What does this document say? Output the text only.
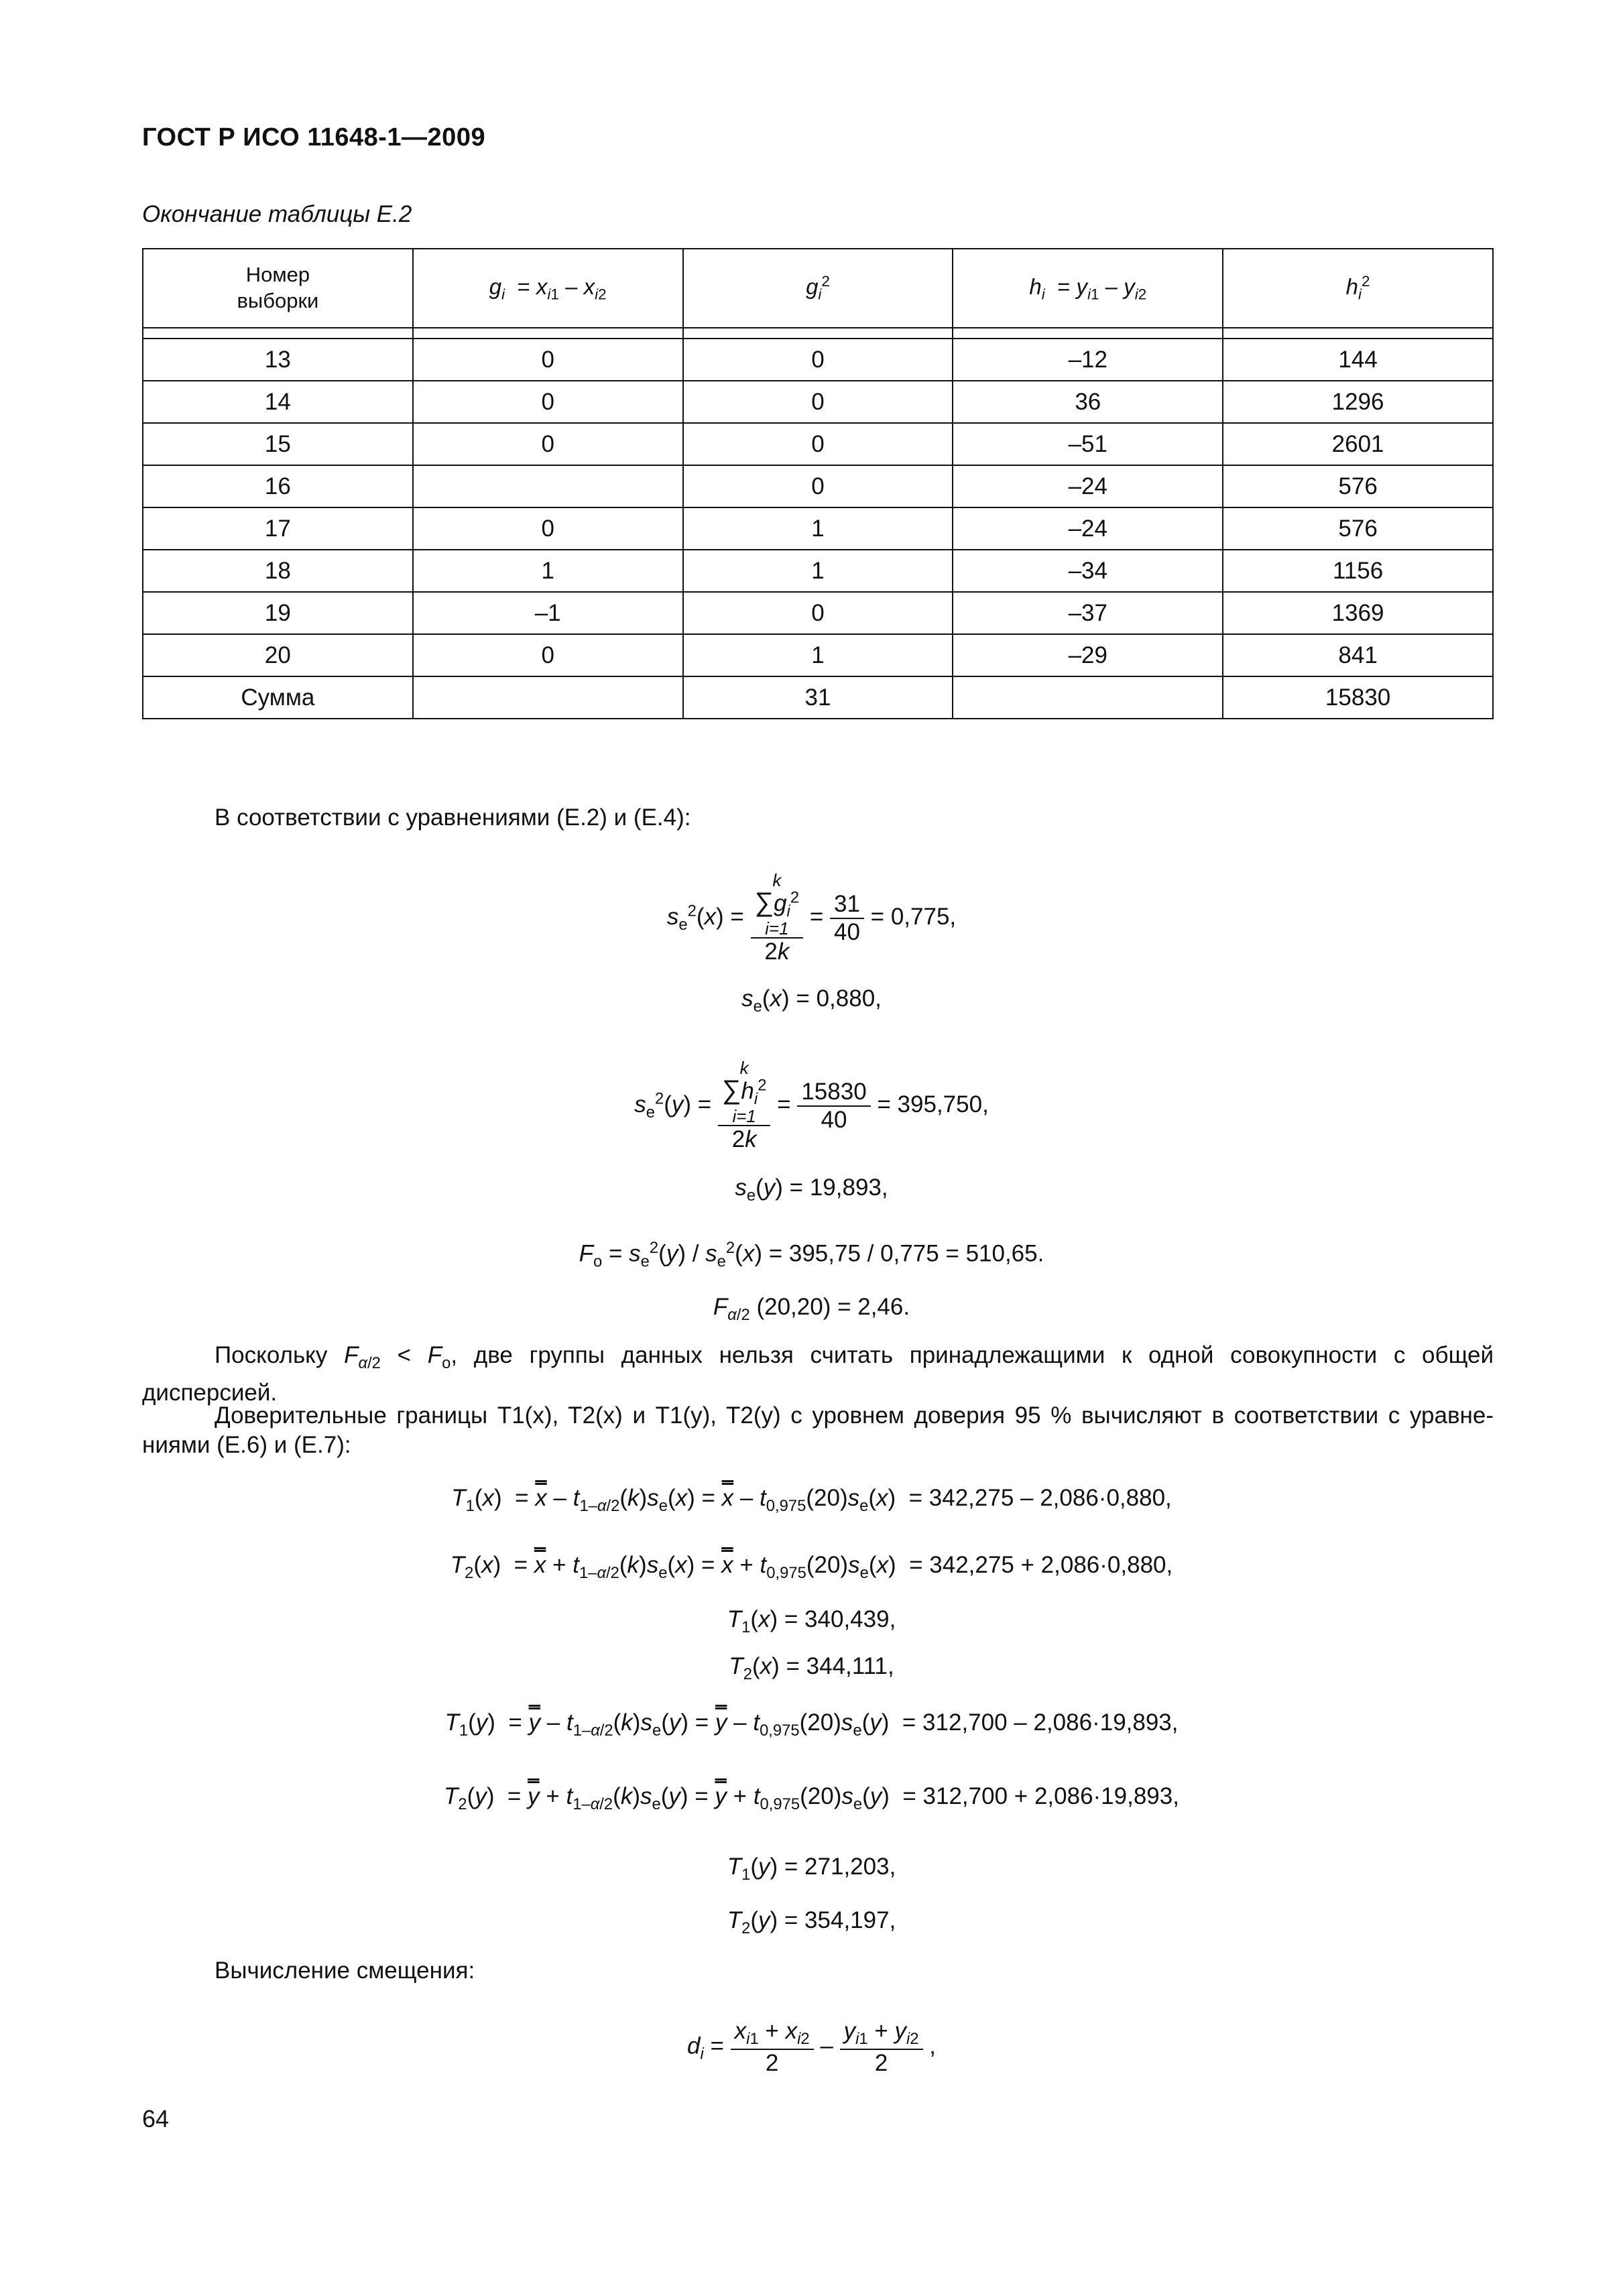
ГОСТ Р ИСО 11648-1—2009
Окончание таблицы E.2
Номер
выборки	$g_i = x_{i1} - x_{i2}$	$g_i^2$	$h_i = y_{i1} - y_{i2}$	$h_i^2$

13	0	0	–12	144
14	0	0	36	1296
15	0	0	–51	2601
16		0	–24	576
17	0	1	–24	576
18	1	1	–34	1156
19	–1	0	–37	1369
20	0	1	–29	841
Сумма		31		15830
В соответствии с уравнениями (E.2) и (E.4):
$s_e^2(x) = k$
$\sum g_i^2$
i=1
$2k = \frac{31}{40} = 0,775$,
$s_e(x) = 0,880$,
$s_e^2(y) = k$
$\sum h_i^2$
i=1
$2k = \frac{15830}{40} = 395,750$,
$s_e(y) = 19,893$,
$F_o = s_e^2(y) / s_e^2(x) = 395,75 / 0,775 = 510,65$.
$F_{\alpha/2}$ (20,20) = 2,46.
Поскольку $F_{\alpha/2} < F_o$, две группы данных нельзя считать принадлежащими к одной совокупности с общей дисперсией.
Доверительные границы T1(x), T2(x) и T1(y), T2(y) с уровнем доверия 95 % вычисляют в соответствии с уравне-ниями (E.6) и (E.7):
$T_1(x) = x - t_{1-\alpha/2}(k)s_e(x) = x - t_{0,975}(20)s_e(x) = 342,275 - 2,086\cdot 0,880$,
$T_2(x) = x + t_{1-\alpha/2}(k)s_e(x) = x + t_{0,975}(20)s_e(x) = 342,275 + 2,086\cdot 0,880$,
$T_1(x) = 340,439$,
$T_2(x) = 344,111$,
$T_1(y) = y - t_{1-\alpha/2}(k)s_e(y) = y - t_{0,975}(20)s_e(y) = 312,700 - 2,086\cdot 19,893$,
$T_2(y) = y + t_{1-\alpha/2}(k)s_e(y) = y + t_{0,975}(20)s_e(y) = 312,700 + 2,086\cdot 19,893$,
$T_1(y) = 271,203$,
$T_2(y) = 354,197$,
Вычисление смещения:
$d_i = \frac{x_{i1} + x_{i2}}{2} - \frac{y_{i1} + y_{i2}}{2}$ ,
64
